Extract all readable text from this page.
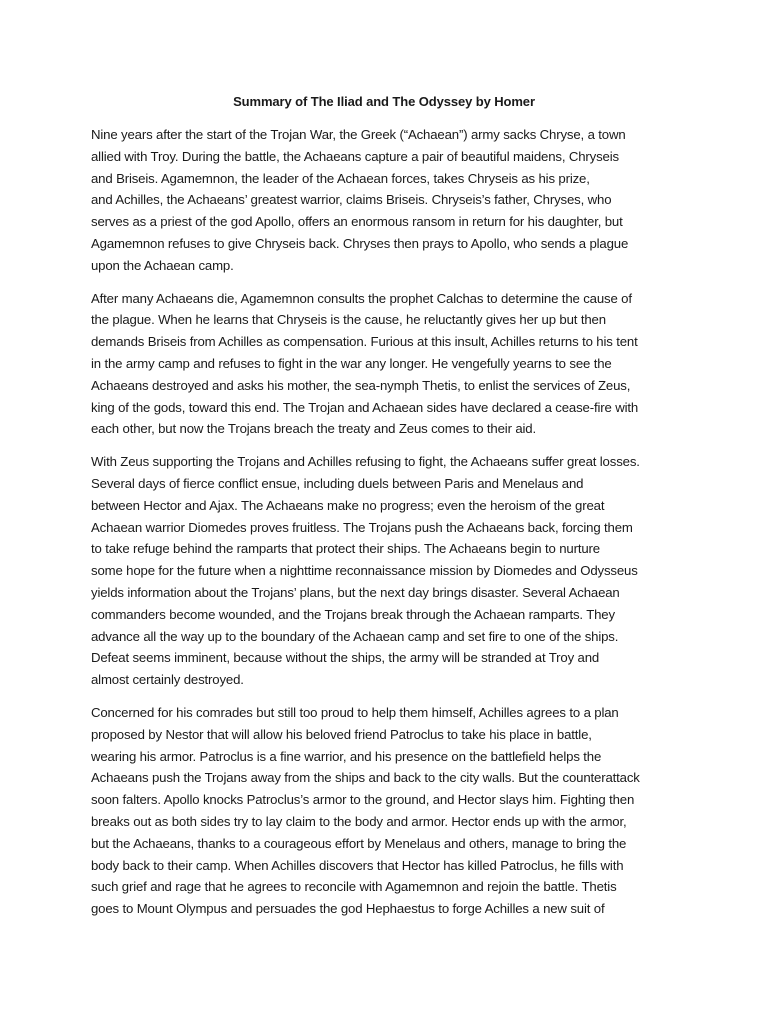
Summary of The Iliad and The Odyssey by Homer
Nine years after the start of the Trojan War, the Greek (“Achaean”) army sacks Chryse, a town
allied with Troy. During the battle, the Achaeans capture a pair of beautiful maidens, Chryseis
and Briseis. Agamemnon, the leader of the Achaean forces, takes Chryseis as his prize,
and Achilles, the Achaeans’ greatest warrior, claims Briseis. Chryseis’s father, Chryses, who
serves as a priest of the god Apollo, offers an enormous ransom in return for his daughter, but
Agamemnon refuses to give Chryseis back. Chryses then prays to Apollo, who sends a plague
upon the Achaean camp.
After many Achaeans die, Agamemnon consults the prophet Calchas to determine the cause of
the plague. When he learns that Chryseis is the cause, he reluctantly gives her up but then
demands Briseis from Achilles as compensation. Furious at this insult, Achilles returns to his tent
in the army camp and refuses to fight in the war any longer. He vengefully yearns to see the
Achaeans destroyed and asks his mother, the sea-nymph Thetis, to enlist the services of Zeus,
king of the gods, toward this end. The Trojan and Achaean sides have declared a cease-fire with
each other, but now the Trojans breach the treaty and Zeus comes to their aid.
With Zeus supporting the Trojans and Achilles refusing to fight, the Achaeans suffer great losses.
Several days of fierce conflict ensue, including duels between Paris and Menelaus and
between Hector and Ajax. The Achaeans make no progress; even the heroism of the great
Achaean warrior Diomedes proves fruitless. The Trojans push the Achaeans back, forcing them
to take refuge behind the ramparts that protect their ships. The Achaeans begin to nurture
some hope for the future when a nighttime reconnaissance mission by Diomedes and Odysseus
yields information about the Trojans’ plans, but the next day brings disaster. Several Achaean
commanders become wounded, and the Trojans break through the Achaean ramparts. They
advance all the way up to the boundary of the Achaean camp and set fire to one of the ships.
Defeat seems imminent, because without the ships, the army will be stranded at Troy and
almost certainly destroyed.
Concerned for his comrades but still too proud to help them himself, Achilles agrees to a plan
proposed by Nestor that will allow his beloved friend Patroclus to take his place in battle,
wearing his armor. Patroclus is a fine warrior, and his presence on the battlefield helps the
Achaeans push the Trojans away from the ships and back to the city walls. But the counterattack
soon falters. Apollo knocks Patroclus’s armor to the ground, and Hector slays him. Fighting then
breaks out as both sides try to lay claim to the body and armor. Hector ends up with the armor,
but the Achaeans, thanks to a courageous effort by Menelaus and others, manage to bring the
body back to their camp. When Achilles discovers that Hector has killed Patroclus, he fills with
such grief and rage that he agrees to reconcile with Agamemnon and rejoin the battle. Thetis
goes to Mount Olympus and persuades the god Hephaestus to forge Achilles a new suit of
